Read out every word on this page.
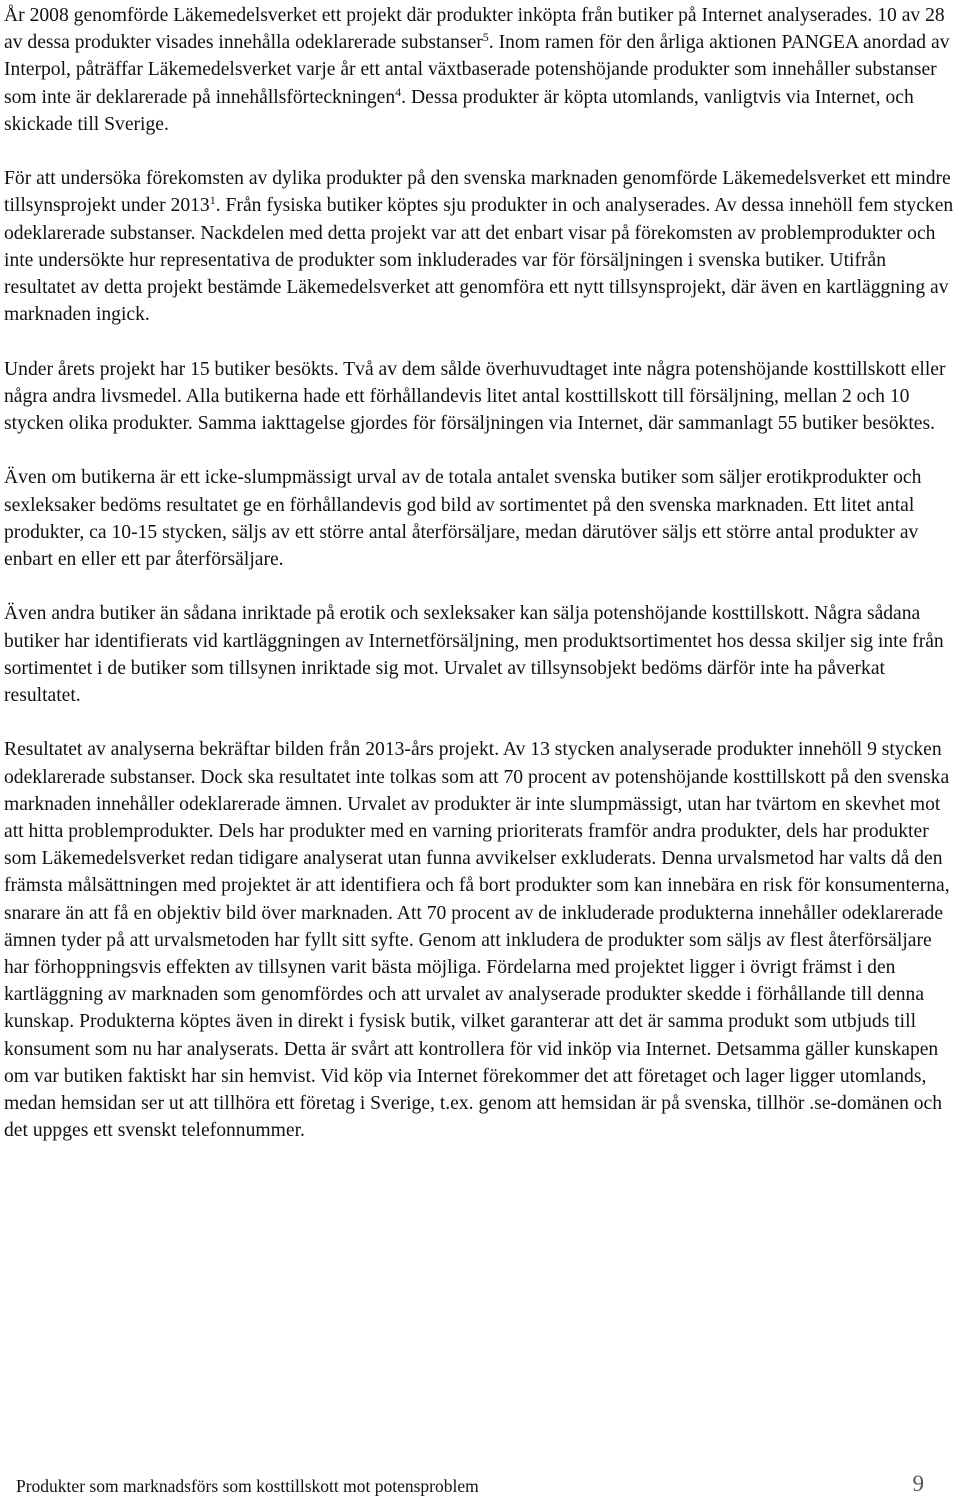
År 2008 genomförde Läkemedelsverket ett projekt där produkter inköpta från butiker på Internet analyserades. 10 av 28 av dessa produkter visades innehålla odeklarerade substanser$^5$. Inom ramen för den årliga aktionen PANGEA anordad av Interpol, påträffar Läkemedelsverket varje år ett antal växtbaserade potenshöjande produkter som innehåller substanser som inte är deklarerade på innehållsförteckningen$^4$. Dessa produkter är köpta utomlands, vanligtvis via Internet, och skickade till Sverige.

För att undersöka förekomsten av dylika produkter på den svenska marknaden genomförde Läkemedelsverket ett mindre tillsynsprojekt under 2013$^1$. Från fysiska butiker köptes sju produkter in och analyserades. Av dessa innehöll fem stycken odeklarerade substanser. Nackdelen med detta projekt var att det enbart visar på förekomsten av problemprodukter och inte undersökte hur representativa de produkter som inkluderades var för försäljningen i svenska butiker. Utifrån resultatet av detta projekt bestämde Läkemedelsverket att genomföra ett nytt tillsynsprojekt, där även en kartläggning av marknaden ingick.

Under årets projekt har 15 butiker besökts. Två av dem sålde överhuvudtaget inte några potenshöjande kosttillskott eller några andra livsmedel. Alla butikerna hade ett förhållandevis litet antal kosttillskott till försäljning, mellan 2 och 10 stycken olika produkter. Samma iakttagelse gjordes för försäljningen via Internet, där sammanlagt 55 butiker besöktes.

Även om butikerna är ett icke-slumpmässigt urval av de totala antalet svenska butiker som säljer erotikprodukter och sexleksaker bedöms resultatet ge en förhållandevis god bild av sortimentet på den svenska marknaden. Ett litet antal produkter, ca 10-15 stycken, säljs av ett större antal återförsäljare, medan därutöver säljs ett större antal produkter av enbart en eller ett par återförsäljare.

Även andra butiker än sådana inriktade på erotik och sexleksaker kan sälja potenshöjande kosttillskott. Några sådana butiker har identifierats vid kartläggningen av Internetförsäljning, men produktsortimentet hos dessa skiljer sig inte från sortimentet i de butiker som tillsynen inriktade sig mot. Urvalet av tillsynsobjekt bedöms därför inte ha påverkat resultatet.

Resultatet av analyserna bekräftar bilden från 2013-års projekt. Av 13 stycken analyserade produkter innehöll 9 stycken odeklarerade substanser. Dock ska resultatet inte tolkas som att 70 procent av potenshöjande kosttillskott på den svenska marknaden innehåller odeklarerade ämnen. Urvalet av produkter är inte slumpmässigt, utan har tvärtom en skevhet mot att hitta problemprodukter. Dels har produkter med en varning prioriterats framför andra produkter, dels har produkter som Läkemedelsverket redan tidigare analyserat utan funna avvikelser exkluderats. Denna urvalsmetod har valts då den främsta målsättningen med projektet är att identifiera och få bort produkter som kan innebära en risk för konsumenterna, snarare än att få en objektiv bild över marknaden. Att 70 procent av de inkluderade produkterna innehåller odeklarerade ämnen tyder på att urvalsmetoden har fyllt sitt syfte. Genom att inkludera de produkter som säljs av flest återförsäljare har förhoppningsvis effekten av tillsynen varit bästa möjliga. Fördelarna med projektet ligger i övrigt främst i den kartläggning av marknaden som genomfördes och att urvalet av analyserade produkter skedde i förhållande till denna kunskap. Produkterna köptes även in direkt i fysisk butik, vilket garanterar att det är samma produkt som utbjuds till konsument som nu har analyserats. Detta är svårt att kontrollera för vid inköp via Internet. Detsamma gäller kunskapen om var butiken faktiskt har sin hemvist. Vid köp via Internet förekommer det att företaget och lager ligger utomlands, medan hemsidan ser ut att tillhöra ett företag i Sverige, t.ex. genom att hemsidan är på svenska, tillhör .se-domänen och det uppges ett svenskt telefonnummer.

Produkter som marknadsförs som kosttillskott mot potensproblem	9
